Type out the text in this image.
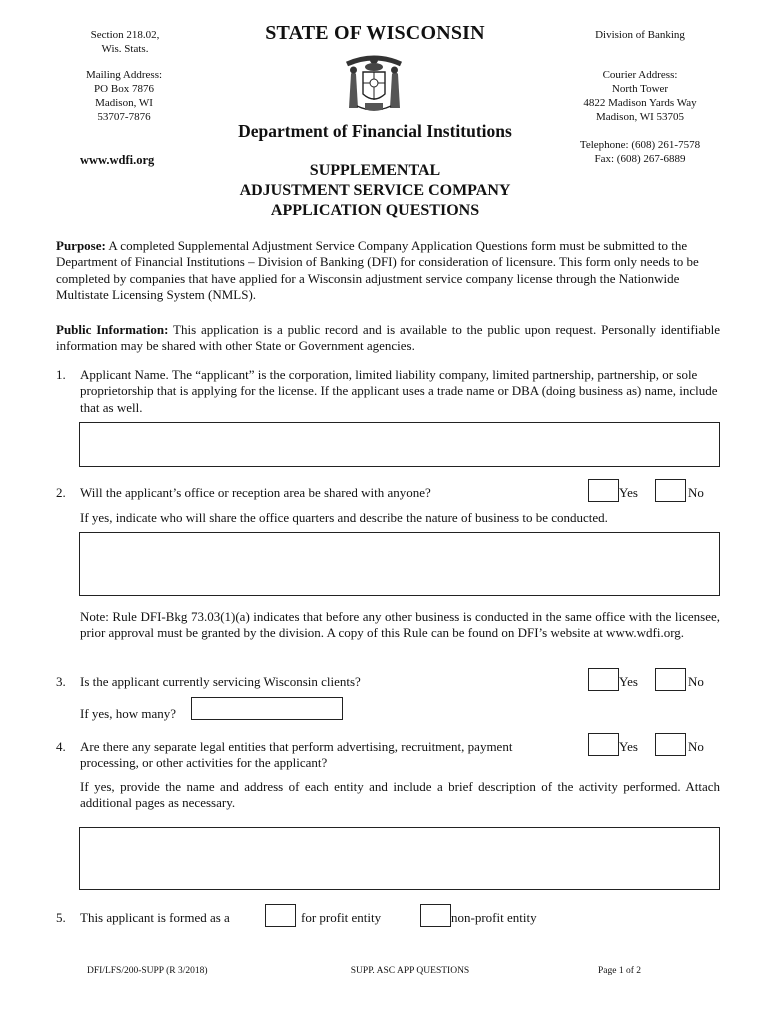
Section 218.02,
Wis. Stats.
STATE OF WISCONSIN	Division of Banking
Mailing Address:
PO Box 7876
Madison, WI
53707-7876
Courier Address:
North Tower
4822 Madison Yards Way
Madison, WI 53705
Department of Financial Institutions
www.wdfi.org
Telephone: (608) 261-7578
Fax: (608) 267-6889
SUPPLEMENTAL
ADJUSTMENT SERVICE COMPANY
APPLICATION QUESTIONS
Purpose: A completed Supplemental Adjustment Service Company Application Questions form must be submitted to the Department of Financial Institutions – Division of Banking (DFI) for consideration of licensure. This form only needs to be completed by companies that have applied for a Wisconsin adjustment service company license through the Nationwide Multistate Licensing System (NMLS).
Public Information: This application is a public record and is available to the public upon request. Personally identifiable information may be shared with other State or Government agencies.
1. Applicant Name. The “applicant” is the corporation, limited liability company, limited partnership, partnership, or sole proprietorship that is applying for the license. If the applicant uses a trade name or DBA (doing business as) name, include that as well.
2. Will the applicant’s office or reception area be shared with anyone?	Yes	No
If yes, indicate who will share the office quarters and describe the nature of business to be conducted.
Note: Rule DFI-Bkg 73.03(1)(a) indicates that before any other business is conducted in the same office with the licensee, prior approval must be granted by the division. A copy of this Rule can be found on DFI’s website at www.wdfi.org.
3. Is the applicant currently servicing Wisconsin clients?	Yes	No
If yes, how many?
4. Are there any separate legal entities that perform advertising, recruitment, payment processing, or other activities for the applicant?
Yes	No
If yes, provide the name and address of each entity and include a brief description of the activity performed. Attach additional pages as necessary.
5. This applicant is formed as a	for profit entity	non-profit entity
DFI/LFS/200-SUPP (R 3/2018)	SUPP. ASC APP QUESTIONS	Page 1 of 2
